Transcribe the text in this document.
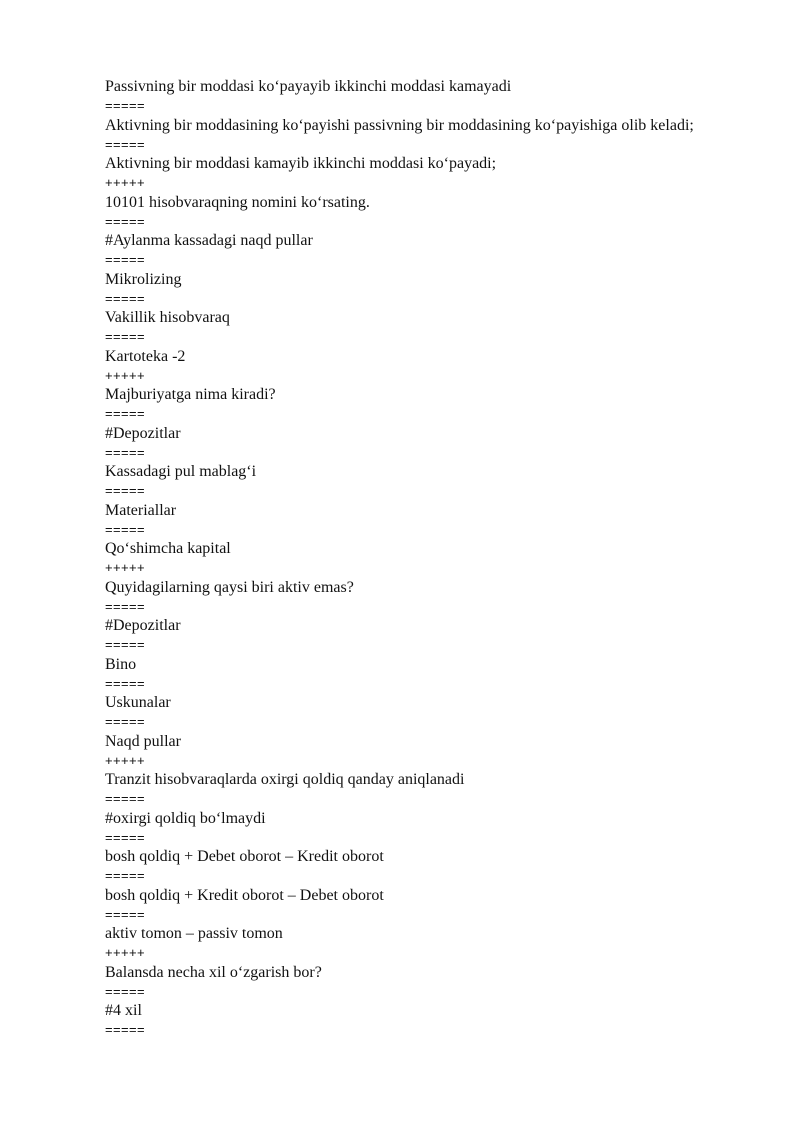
Passivning bir moddasi ko‘payayib ikkinchi moddasi kamayadi
=====
Aktivning bir moddasining ko‘payishi passivning bir moddasining ko‘payishiga olib keladi;
=====
Aktivning bir moddasi kamayib ikkinchi moddasi ko‘payadi;
+++++
10101 hisobvaraqning nomini ko‘rsating.
=====
#Aylanma kassadagi naqd pullar
=====
Mikrolizing
=====
Vakillik hisobvaraq
=====
Kartoteka -2
+++++
Majburiyatga nima kiradi?
=====
#Depozitlar
=====
Kassadagi pul mablag‘i
=====
Materiallar
=====
Qo‘shimcha kapital
+++++
Quyidagilarning qaysi biri aktiv emas?
=====
#Depozitlar
=====
Bino
=====
Uskunalar
=====
Naqd pullar
+++++
Tranzit hisobvaraqlarda oxirgi qoldiq qanday aniqlanadi
=====
#oxirgi qoldiq bo‘lmaydi
=====
bosh qoldiq + Debet oborot – Kredit oborot
=====
bosh qoldiq + Kredit oborot – Debet oborot
=====
aktiv tomon – passiv tomon
+++++
Balansda necha xil o‘zgarish bor?
=====
#4 xil
=====
